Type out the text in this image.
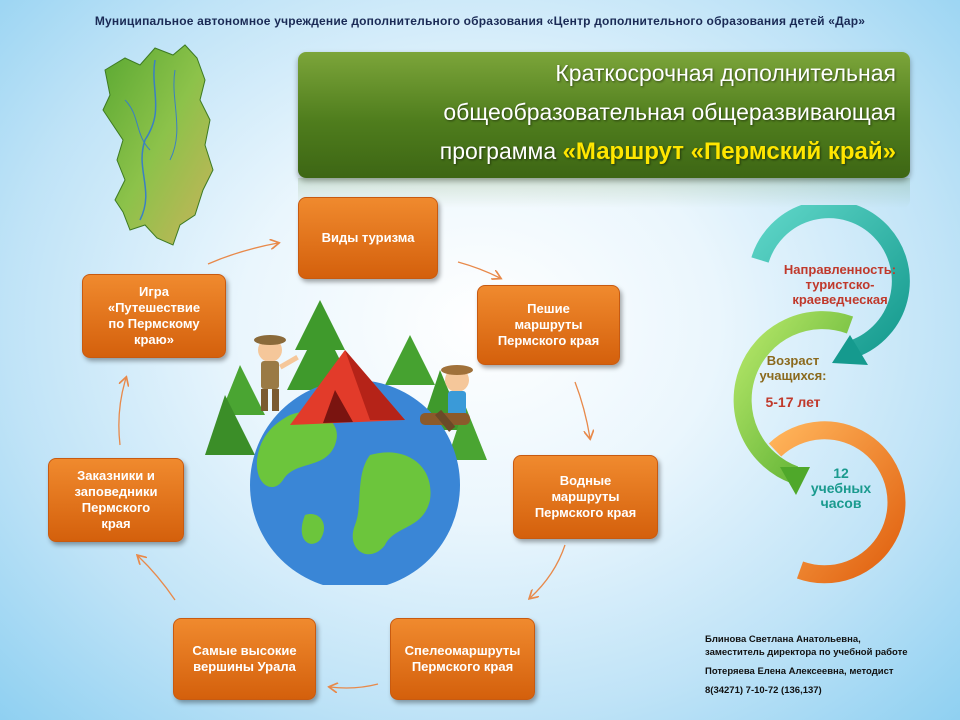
Муниципальное автономное учреждение дополнительного образования «Центр дополнительного образования детей «Дар»
Краткосрочная дополнительная
общеобразовательная общеразвивающая
программа «Маршрут «Пермский край»
Виды туризма
Пешие
маршруты
Пермского края
Водные
маршруты
Пермского края
Спелеомаршруты
Пермского края
Самые высокие
вершины Урала
Заказники и
заповедники
Пермского
края
Игра
«Путешествие
по Пермскому
краю»
Направленность:
туристско-
краеведческая
Возраст
учащихся:
5-17 лет
12
учебных
часов
Блинова Светлана Анатольевна,
заместитель директора по учебной работе
Потеряева Елена Алексеевна, методист
8(34271) 7-10-72 (136,137)
